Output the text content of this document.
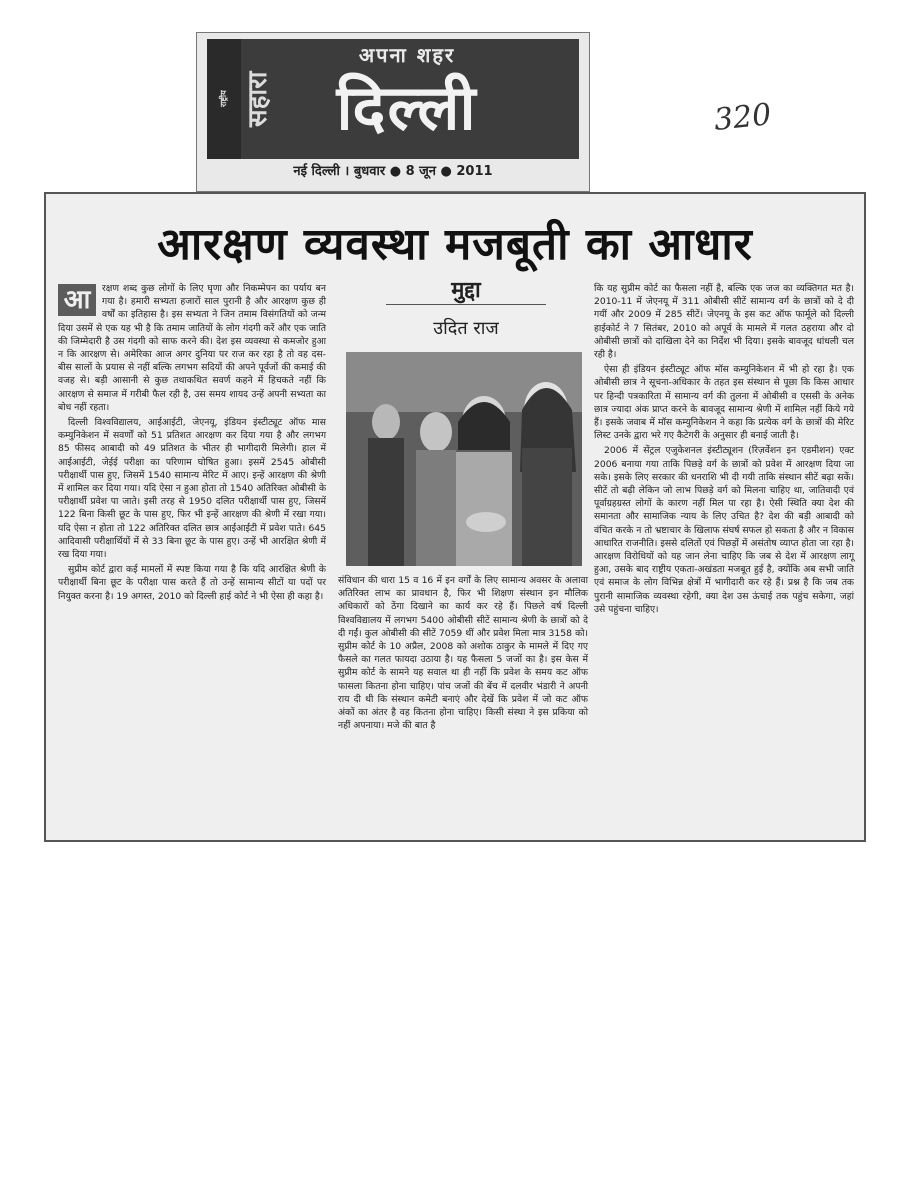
राष्ट्रीय सहारा
अपना शहर
दिल्ली
नई दिल्ली । बुधवार ● 8 जून ● 2011
320
आरक्षण व्यवस्था मजबूती का आधार
आ	रक्षण शब्द कुछ लोगों के लिए घृणा और निकम्मेपन का पर्याय बन गया है। हमारी सभ्यता हजारों साल पुरानी है और आरक्षण कुछ ही वर्षों का इतिहास है। इस सभ्यता ने जिन तमाम विसंगतियों को जन्म दिया उसमें से एक यह भी है कि तमाम जातियों के लोग गंदगी करें और एक जाति की जिम्मेदारी है उस गंदगी को साफ करने की। देश इस व्यवस्था से कमजोर हुआ न कि आरक्षण से। अमेरिका आज अगर दुनिया पर राज कर रहा है तो वह दस-बीस सालों के प्रयास से नहीं बल्कि लगभग सदियों की अपने पूर्वजों की कमाई की वजह से। बड़ी आसानी से कुछ तथाकथित सवर्ण कहने में हिचकते नहीं कि आरक्षण से समाज में गरीबी फैल रही है, उस समय शायद उन्हें अपनी सभ्यता का बोध नहीं रहता।

दिल्ली विश्वविद्यालय, आईआईटी, जेएनयू, इंडियन इंस्टीट्यूट ऑफ मास कम्युनिकेशन में सवर्णों को 51 प्रतिशत आरक्षण कर दिया गया है और लगभग 85 फीसद आबादी को 49 प्रतिशत के भीतर ही भागीदारी मिलेगी। हाल में आईआईटी, जेईई परीक्षा का परिणाम घोषित हुआ। इसमें 2545 ओबीसी परीक्षार्थी पास हुए, जिसमें 1540 सामान्य मेरिट में आए। इन्हें आरक्षण की श्रेणी में शामिल कर दिया गया। यदि ऐसा न हुआ होता तो 1540 अतिरिक्त ओबीसी के परीक्षार्थी प्रवेश पा जाते। इसी तरह से 1950 दलित परीक्षार्थी पास हुए, जिसमें 122 बिना किसी छूट के पास हुए, फिर भी इन्हें आरक्षण की श्रेणी में रखा गया। यदि ऐसा न होता तो 122 अतिरिक्त दलित छात्र आईआईटी में प्रवेश पाते। 645 आदिवासी परीक्षार्थियों में से 33 बिना छूट के पास हुए। उन्हें भी आरक्षित श्रेणी में रख दिया गया।

सुप्रीम कोर्ट द्वारा कई मामलों में स्पष्ट किया गया है कि यदि आरक्षित श्रेणी के परीक्षार्थी बिना छूट के परीक्षा पास करते हैं तो उन्हें सामान्य सीटों या पदों पर नियुक्त करना है। 19 अगस्त, 2010 को दिल्ली हाई कोर्ट ने भी ऐसा ही कहा है।

मुद्दा
उदित राज

संविधान की धारा 15 व 16 में इन वर्गों के लिए सामान्य अवसर के अलावा अतिरिक्त लाभ का प्रावधान है, फिर भी शिक्षण संस्थान इन मौलिक अधिकारों को ठेंगा दिखाने का कार्य कर रहे हैं। पिछले वर्ष दिल्ली विश्वविद्यालय में लगभग 5400 ओबीसी सीटें सामान्य श्रेणी के छात्रों को दे दी गईं। कुल ओबीसी की सीटें 7059 थीं और प्रवेश मिला मात्र 3158 को। सुप्रीम कोर्ट के 10 अप्रैल, 2008 को अशोक ठाकुर के मामले में दिए गए फैसले का गलत फायदा उठाया है। यह फैसला 5 जजों का है। इस केस में सुप्रीम कोर्ट के सामने यह सवाल था ही नहीं कि प्रवेश के समय कट ऑफ फासला कितना होना चाहिए। पांच जजों की बेंच में दलवीर भंडारी ने अपनी राय दी थी कि संस्थान कमेटी बनाएं और देखें कि प्रवेश में जो कट ऑफ अंकों का अंतर है वह कितना होना चाहिए। किसी संस्था ने इस प्रकिया को नहीं अपनाया। मजे की बात है

कि यह सुप्रीम कोर्ट का फैसला नहीं है, बल्कि एक जज का व्यक्तिगत मत है। 2010-11 में जेएनयू में 311 ओबीसी सीटें सामान्य वर्ग के छात्रों को दे दी गयीं और 2009 में 285 सीटें। जेएनयू के इस कट ऑफ फार्मूले को दिल्ली हाईकोर्ट ने 7 सितंबर, 2010 को अपूर्व के मामले में गलत ठहराया और दो ओबीसी छात्रों को दाखिला देने का निर्देश भी दिया। इसके बावजूद धांधली चल रही है।

ऐसा ही इंडियन इंस्टीट्यूट ऑफ मॉस कम्युनिकेशन में भी हो रहा है। एक ओबीसी छात्र ने सूचना-अधिकार के तहत इस संस्थान से पूछा कि किस आधार पर हिन्दी पत्रकारिता में सामान्य वर्ग की तुलना में ओबीसी व एससी के अनेक छात्र ज्यादा अंक प्राप्त करने के बावजूद सामान्य श्रेणी में शामिल नहीं किये गये हैं। इसके जवाब में मॉस कम्युनिकेशन ने कहा कि प्रत्येक वर्ग के छात्रों की मेरिट लिस्ट उनके द्वारा भरे गए कैटेगरी के अनुसार ही बनाई जाती है।

2006 में सेंट्रल एजुकेशनल इंस्टीट्यूशन (रिज़र्वेशन इन एडमीशन) एक्ट 2006 बनाया गया ताकि पिछड़े वर्ग के छात्रों को प्रवेश में आरक्षण दिया जा सके। इसके लिए सरकार की धनराशि भी दी गयी ताकि संस्थान सीटें बढ़ा सकें। सीटें तो बढ़ी लेकिन जो लाभ पिछड़े वर्ग को मिलना चाहिए था, जातिवादी एवं पूर्वाग्रहग्रस्त लोगों के कारण नहीं मिल पा रहा है। ऐसी स्थिति क्या देश की समानता और सामाजिक न्याय के लिए उचित है? देश की बड़ी आबादी को वंचित करके न तो भ्रष्टाचार के खिलाफ संघर्ष सफल हो सकता है और न विकास आधारित राजनीति। इससे दलितों एवं पिछड़ों में असंतोष व्याप्त होता जा रहा है। आरक्षण विरोधियों को यह जान लेना चाहिए कि जब से देश में आरक्षण लागू हुआ, उसके बाद राष्ट्रीय एकता-अखंडता मजबूत हुई है, क्योंकि अब सभी जाति एवं समाज के लोग विभिन्न क्षेत्रों में भागीदारी कर रहे हैं। प्रश्न है कि जब तक पुरानी सामाजिक व्यवस्था रहेगी, क्या देश उस ऊंचाई तक पहुंच सकेगा, जहां उसे पहुंचना चाहिए।
